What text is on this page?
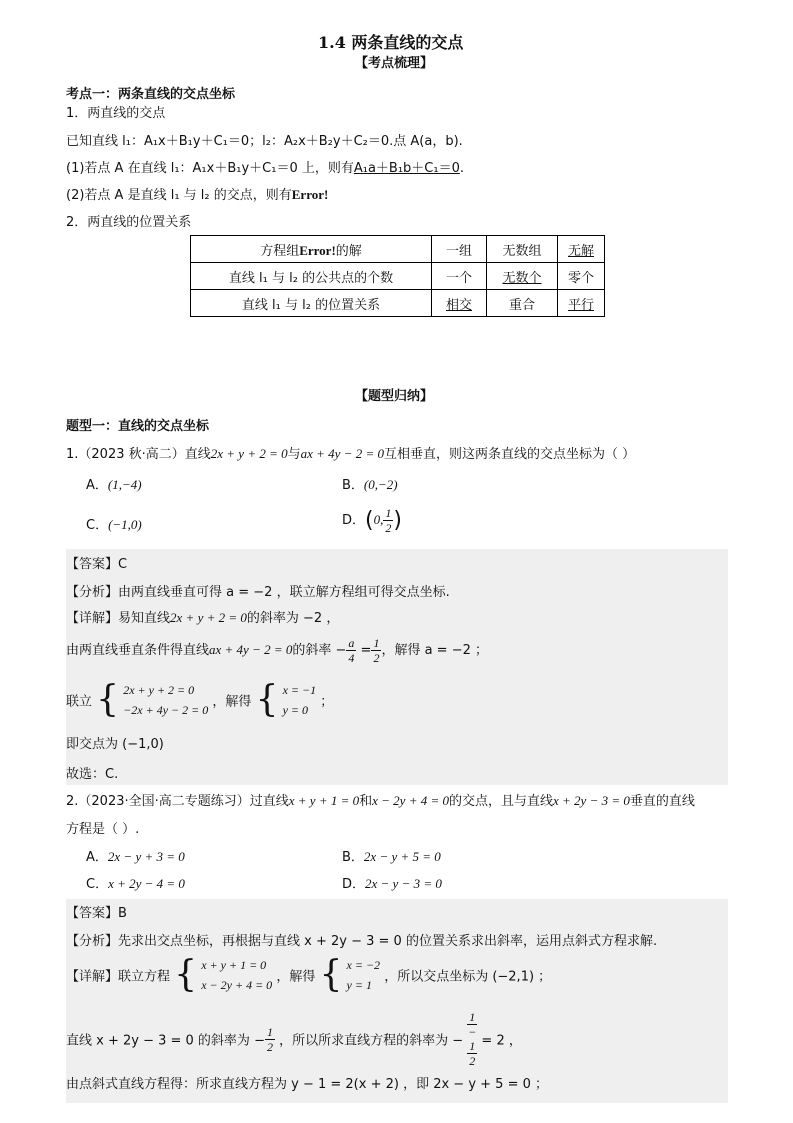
1.4 两条直线的交点
【考点梳理】
考点一：两条直线的交点坐标
1．两直线的交点
已知直线 l₁：A₁x＋B₁y＋C₁＝0；l₂：A₂x＋B₂y＋C₂＝0.点 A(a，b).
(1)若点 A 在直线 l₁：A₁x＋B₁y＋C₁＝0 上，则有A₁a＋B₁b＋C₁＝0.
(2)若点 A 是直线 l₁ 与 l₂ 的交点，则有Error!
2．两直线的位置关系
方程组Error!的解	一组	无数组	无解
直线 l₁ 与 l₂ 的公共点的个数	一个	无数个	零个
直线 l₁ 与 l₂ 的位置关系	相交	重合	平行
【题型归纳】
题型一：直线的交点坐标
1.（2023 秋·高二）直线2x + y + 2 = 0与ax + 4y − 2 = 0互相垂直，则这两条直线的交点坐标为（ ）
A．(1,−4)	B．(0,−2)
C．(−1,0)	D．(0, $\frac{1}{2}$ )
【答案】C
【分析】由两直线垂直可得 a = −2 ，联立解方程组可得交点坐标.
【详解】易知直线2x + y + 2 = 0的斜率为 −2 ，
由两直线垂直条件得直线ax + 4y − 2 = 0的斜率 − $\frac{a}{4} = \frac{1}{2}$ ，解得 a = −2 ；
联立 { 2x + y + 2 = 0
−2x + 4y − 2 = 0
，解得 { x = −1
y = 0
；
即交点为 (−1,0)
故选：C.
2.（2023·全国·高二专题练习）过直线x + y + 1 = 0和x − 2y + 4 = 0的交点，且与直线x + 2y − 3 = 0垂直的直线
方程是（ ）.
A．2x − y + 3 = 0	B．2x − y + 5 = 0
C．x + 2y − 4 = 0	D．2x − y − 3 = 0
【答案】B
【分析】先求出交点坐标，再根据与直线 x + 2y − 3 = 0 的位置关系求出斜率，运用点斜式方程求解.
【详解】联立方程 { x + y + 1 = 0
x − 2y + 4 = 0
，解得 { x = −2
y = 1
，所以交点坐标为 (−2,1) ；
直线 x + 2y − 3 = 0 的斜率为 − $\frac{1}{2}$ ，所以所求直线方程的斜率为 − 1
−
$\frac{1}{2} = 2$ ，
由点斜式直线方程得：所求直线方程为 y − 1 = 2(x + 2) ，即 2x − y + 5 = 0 ；
